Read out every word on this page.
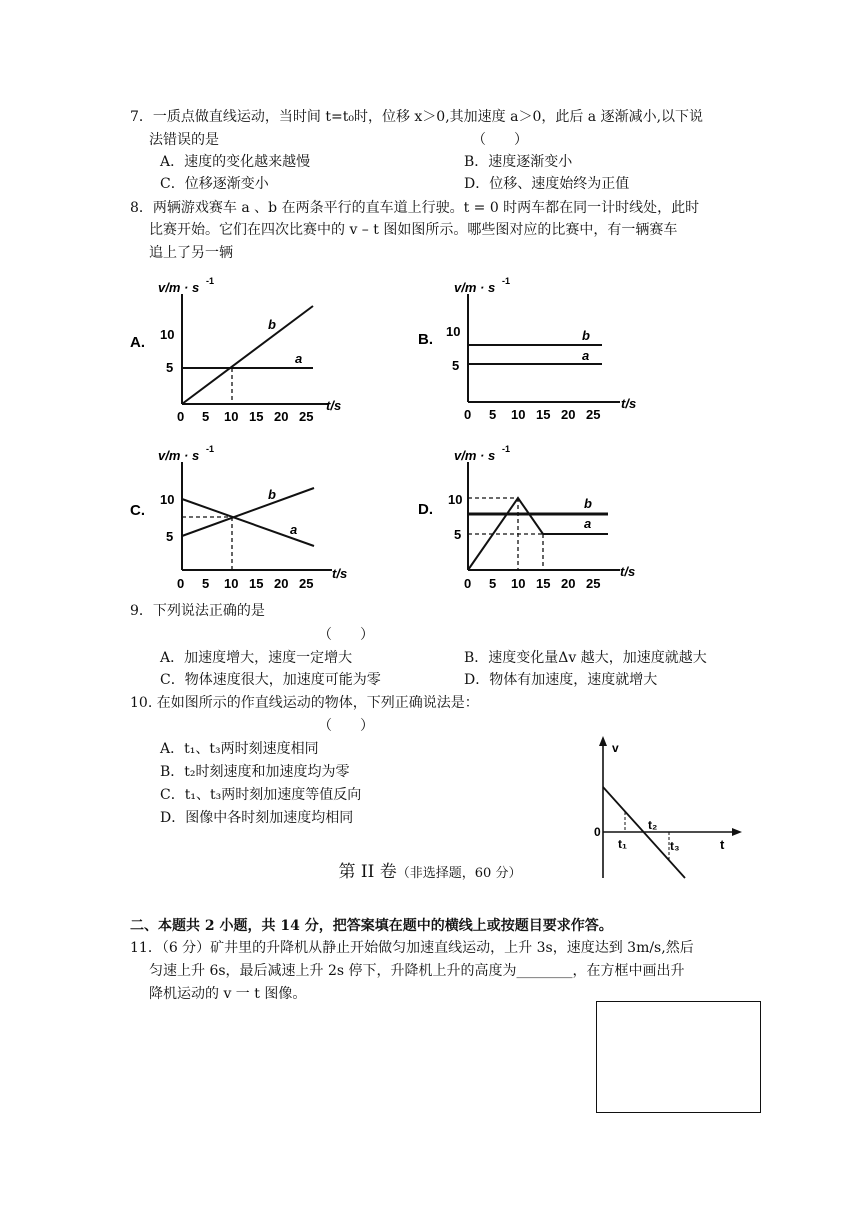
7．一质点做直线运动，当时间 t=t₀时，位移 x＞0,其加速度 a＞0，此后 a 逐渐减小,以下说
法错误的是	（　　）
A．速度的变化越来越慢	B．速度逐渐变小
C．位移逐渐变小	D．位移、速度始终为正值
8．两辆游戏赛车 a 、b 在两条平行的直车道上行驶。t = 0 时两车都在同一计时线处，此时
比赛开始。它们在四次比赛中的 v – t 图如图所示。哪些图对应的比赛中，有一辆赛车
追上了另一辆
A.
v/m · s -1
10
5
0 5 10 15 20 25
t/s
a
b
B.
v/m · s -1
10
5
0 5 10 15 20 25
t/s
a
b
C.
v/m · s -1
10
5
0 5 10 15 20 25
t/s
a
b
D.
v/m · s -1
10
5
0 5 10 15 20 25
t/s
a
b
9．下列说法正确的是
（　　）
A．加速度增大，速度一定增大	B．速度变化量Δv 越大，加速度就越大
C．物体速度很大，加速度可能为零	D．物体有加速度，速度就增大
10. 在如图所示的作直线运动的物体，下列正确说法是：
（　　）
A．t₁、t₃两时刻速度相同
B．t₂时刻速度和加速度均为零
C．t₁、t₃两时刻加速度等值反向
D．图像中各时刻加速度均相同
v
t
0
t₁
t₂
t₃
第 II 卷（非选择题，60 分）
二、本题共 2 小题，共 14 分，把答案填在题中的横线上或按题目要求作答。
11．（6 分）矿井里的升降机从静止开始做匀加速直线运动，上升 3s，速度达到 3m/s,然后
匀速上升 6s，最后减速上升 2s 停下，升降机上升的高度为________，在方框中画出升
降机运动的 v 一 t 图像。
